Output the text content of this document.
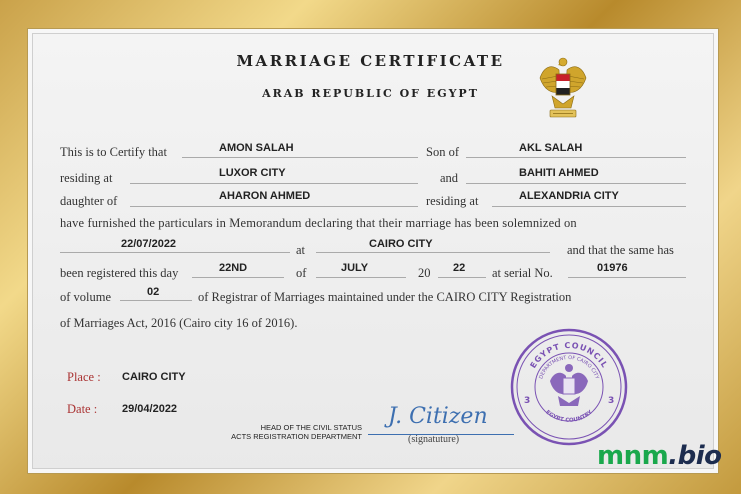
MARRIAGE CERTIFICATE
ARAB REPUBLIC OF EGYPT
This is to Certify that	AMON SALAH	Son of	AKL SALAH
residing at	LUXOR CITY	and	BAHITI AHMED
daughter of	AHARON AHMED	residing at	ALEXANDRIA CITY
have furnished the particulars in Memorandum declaring that their marriage has been solemnized on
22/07/2022	at	CAIRO CITY	and that the same has
been registered this day	22ND	of	JULY	20 22 at serial No.	01976
of volume	02	of Registrar of Marriages maintained under the CAIRO CITY Registration
of Marriages Act, 2016 (Cairo city 16 of 2016).
Place : CAIRO CITY
Date : 29/04/2022
HEAD OF THE CIVIL STATUS
ACTS REGISTRATION DEPARTMENT
J. Citizen
(signatuture)
EGYPT COUNCIL
DEPARTMENT OF CAIRO CITY
EGYPT COUNTRY
3	3
mnm.bio
